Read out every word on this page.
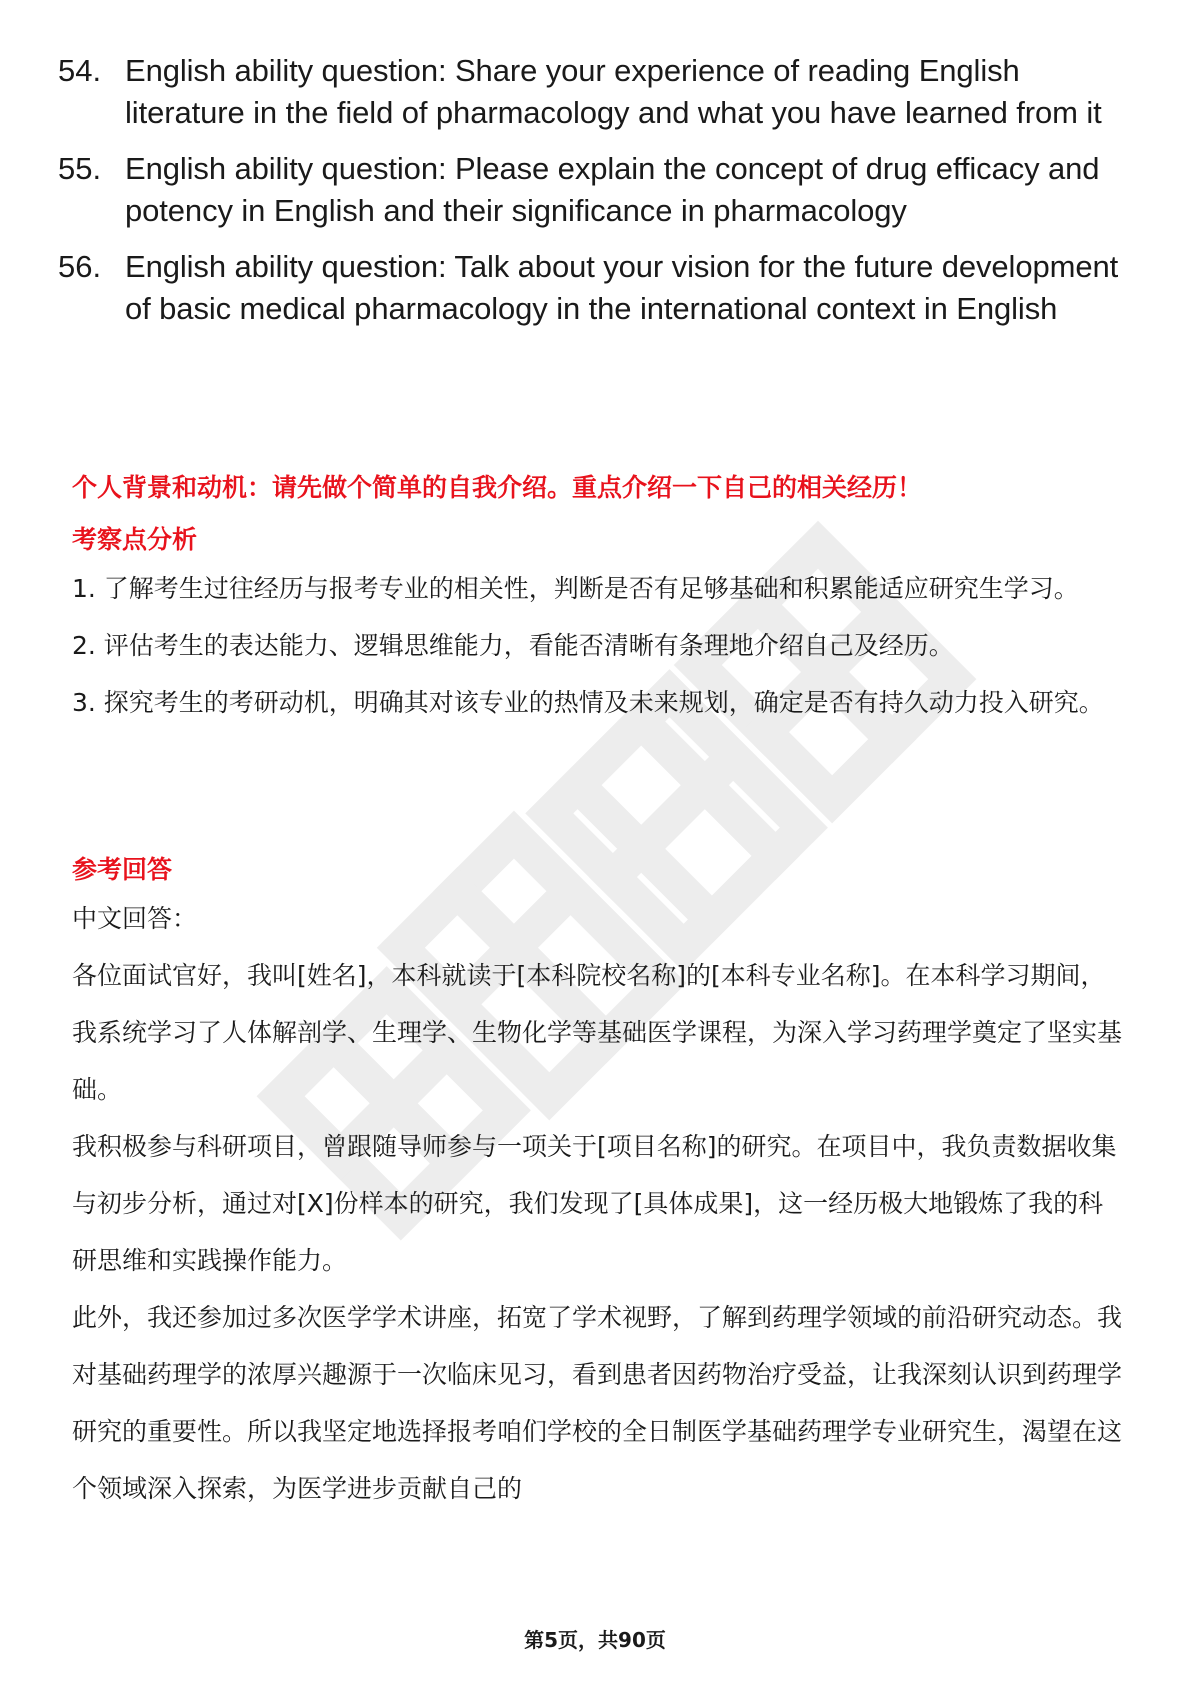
54. English ability question: Share your experience of reading English literature in the field of pharmacology and what you have learned from it
55. English ability question: Please explain the concept of drug efficacy and potency in English and their significance in pharmacology
56. English ability question: Talk about your vision for the future development of basic medical pharmacology in the international context in English
个人背景和动机：请先做个简单的自我介绍。重点介绍一下自己的相关经历！
考察点分析

1. 了解考生过往经历与报考专业的相关性，判断是否有足够基础和积累能适应研究生学习。

2. 评估考生的表达能力、逻辑思维能力，看能否清晰有条理地介绍自己及经历。

3. 探究考生的考研动机，明确其对该专业的热情及未来规划，确定是否有持久动力投入研究。

参考回答

中文回答：

各位面试官好，我叫[姓名]，本科就读于[本科院校名称]的[本科专业名称]。在本科学习期间，我系统学习了人体解剖学、生理学、生物化学等基础医学课程，为深入学习药理学奠定了坚实基础。

我积极参与科研项目，曾跟随导师参与一项关于[项目名称]的研究。在项目中，我负责数据收集与初步分析，通过对[X]份样本的研究，我们发现了[具体成果]，这一经历极大地锻炼了我的科研思维和实践操作能力。

此外，我还参加过多次医学学术讲座，拓宽了学术视野，了解到药理学领域的前沿研究动态。我对基础药理学的浓厚兴趣源于一次临床见习，看到患者因药物治疗受益，让我深刻认识到药理学研究的重要性。所以我坚定地选择报考咱们学校的全日制医学基础药理学专业研究生，渴望在这个领域深入探索，为医学进步贡献自己的

第5页，共90页
